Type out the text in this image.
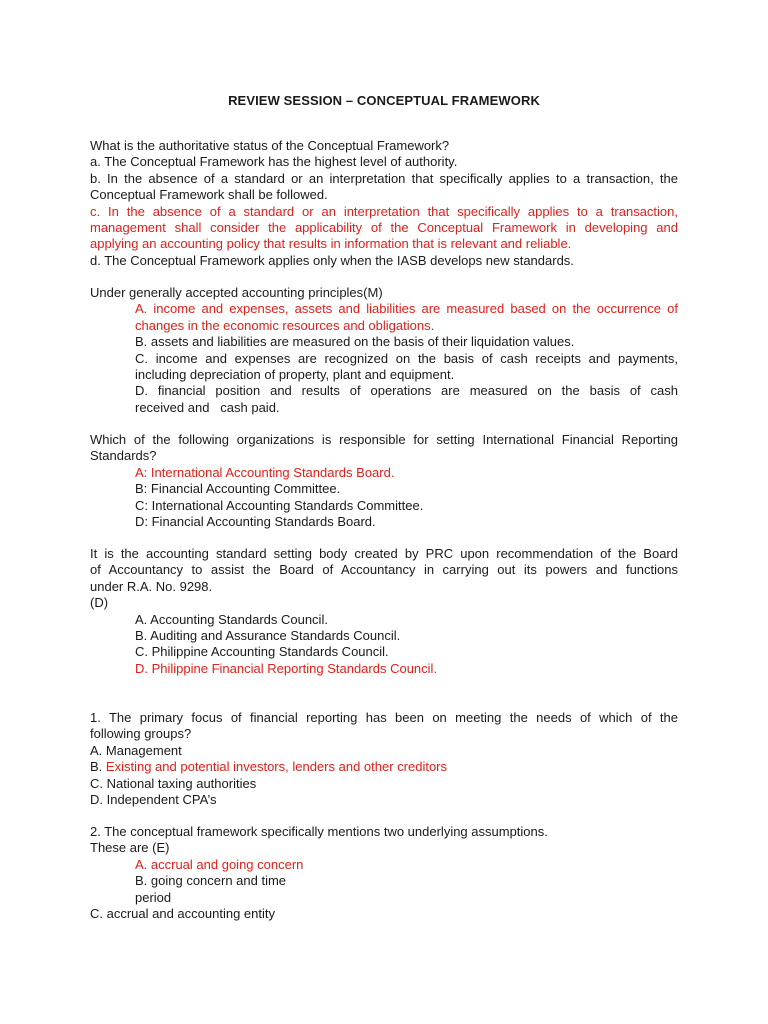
REVIEW SESSION – CONCEPTUAL FRAMEWORK
What is the authoritative status of the Conceptual Framework?
a. The Conceptual Framework has the highest level of authority.
b. In the absence of a standard or an interpretation that specifically applies to a transaction, the
Conceptual Framework shall be followed.
c. In the absence of a standard or an interpretation that specifically applies to a transaction,
management shall consider the applicability of the Conceptual Framework in developing and
applying an accounting policy that results in information that is relevant and reliable.
d. The Conceptual Framework applies only when the IASB develops new standards.
Under generally accepted accounting principles(M)
A. income and expenses, assets and liabilities are measured based on the occurrence of
changes in the economic resources and obligations.
B. assets and liabilities are measured on the basis of their liquidation values.
C. income and expenses are recognized on the basis of cash receipts and payments,
including depreciation of property, plant and equipment.
D. financial position and results of operations are measured on the basis of cash
received and   cash paid.
Which of the following organizations is responsible for setting International Financial Reporting
Standards?
A: International Accounting Standards Board.
B: Financial Accounting Committee.
C: International Accounting Standards Committee.
D: Financial Accounting Standards Board.
It is the accounting standard setting body created by PRC upon recommendation of the Board
of Accountancy to assist the Board of Accountancy in carrying out its powers and functions
under R.A. No. 9298.
(D)
A. Accounting Standards Council.
B. Auditing and Assurance Standards Council.
C. Philippine Accounting Standards Council.
D. Philippine Financial Reporting Standards Council.
1. The primary focus of financial reporting has been on meeting the needs of which of the
following groups?
A. Management
B. Existing and potential investors, lenders and other creditors
C. National taxing authorities
D. Independent CPA’s
2. The conceptual framework specifically mentions two underlying assumptions.
These are (E)
A. accrual and going concern
B. going concern and time
period
C. accrual and accounting entity
